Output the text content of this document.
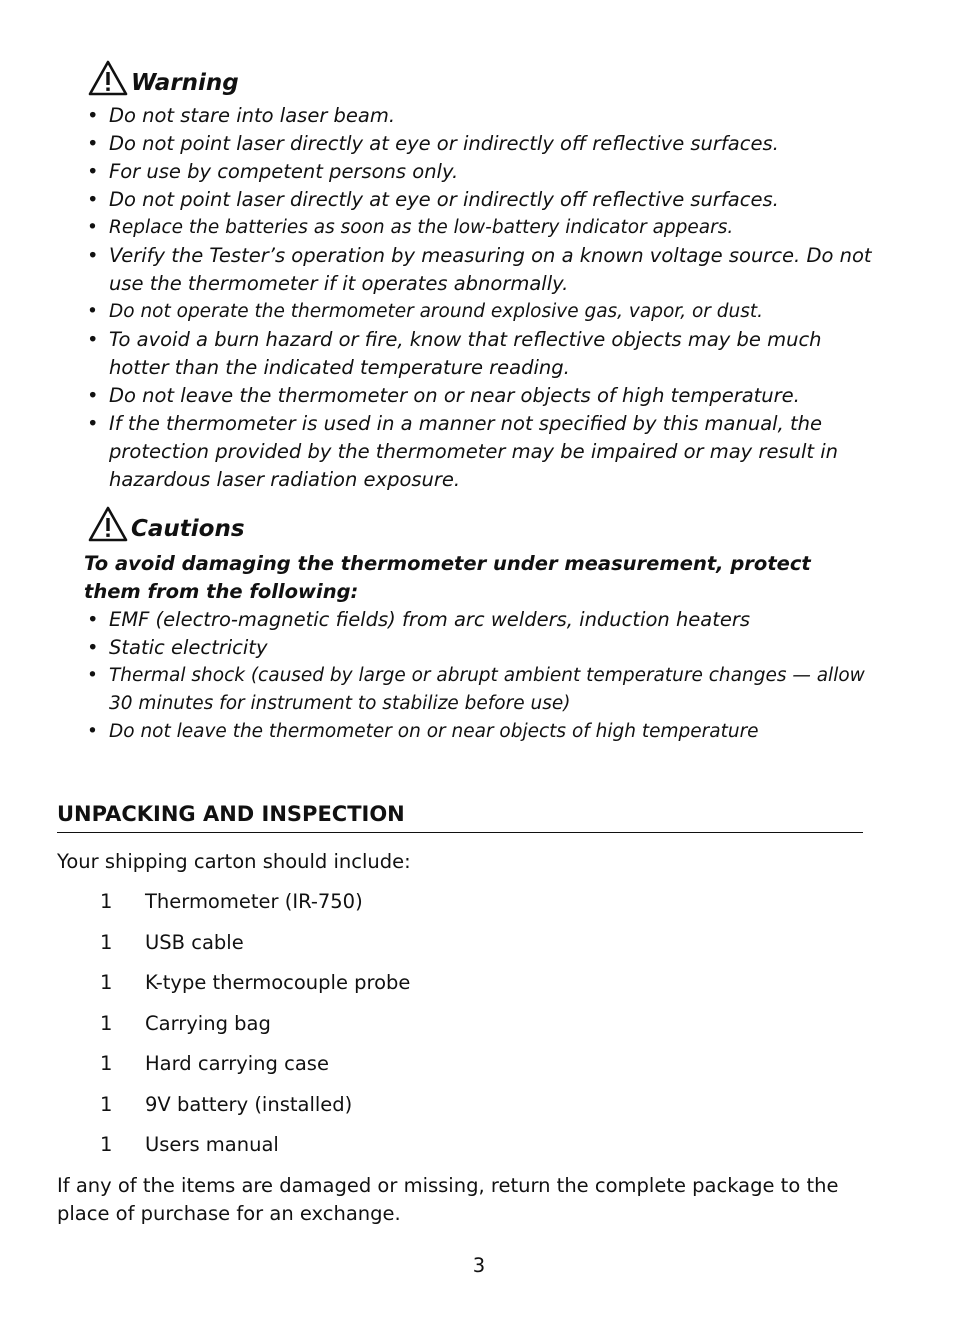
Warning
• Do not stare into laser beam.
• Do not point laser directly at eye or indirectly off reflective surfaces.
• For use by competent persons only.
• Do not point laser directly at eye or indirectly off reflective surfaces.
• Replace the batteries as soon as the low-battery indicator appears.
• Verify the Tester’s operation by measuring on a known voltage source. Do not use the thermometer if it operates abnormally.
• Do not operate the thermometer around explosive gas, vapor, or dust.
• To avoid a burn hazard or fire, know that reflective objects may be much hotter than the indicated temperature reading.
• Do not leave the thermometer on or near objects of high temperature.
• If the thermometer is used in a manner not specified by this manual, the protection provided by the thermometer may be impaired or may result in hazardous laser radiation exposure.
Cautions
To avoid damaging the thermometer under measurement, protect them from the following:
• EMF (electro-magnetic fields) from arc welders, induction heaters
• Static electricity
• Thermal shock (caused by large or abrupt ambient temperature changes — allow 30 minutes for instrument to stabilize before use)
• Do not leave the thermometer on or near objects of high temperature
UNPACKING AND INSPECTION
Your shipping carton should include:
1	Thermometer (IR-750)
1	USB cable
1	K-type thermocouple probe
1	Carrying bag
1	Hard carrying case
1	9V battery (installed)
1	Users manual
If any of the items are damaged or missing, return the complete package to the place of purchase for an exchange.
3
